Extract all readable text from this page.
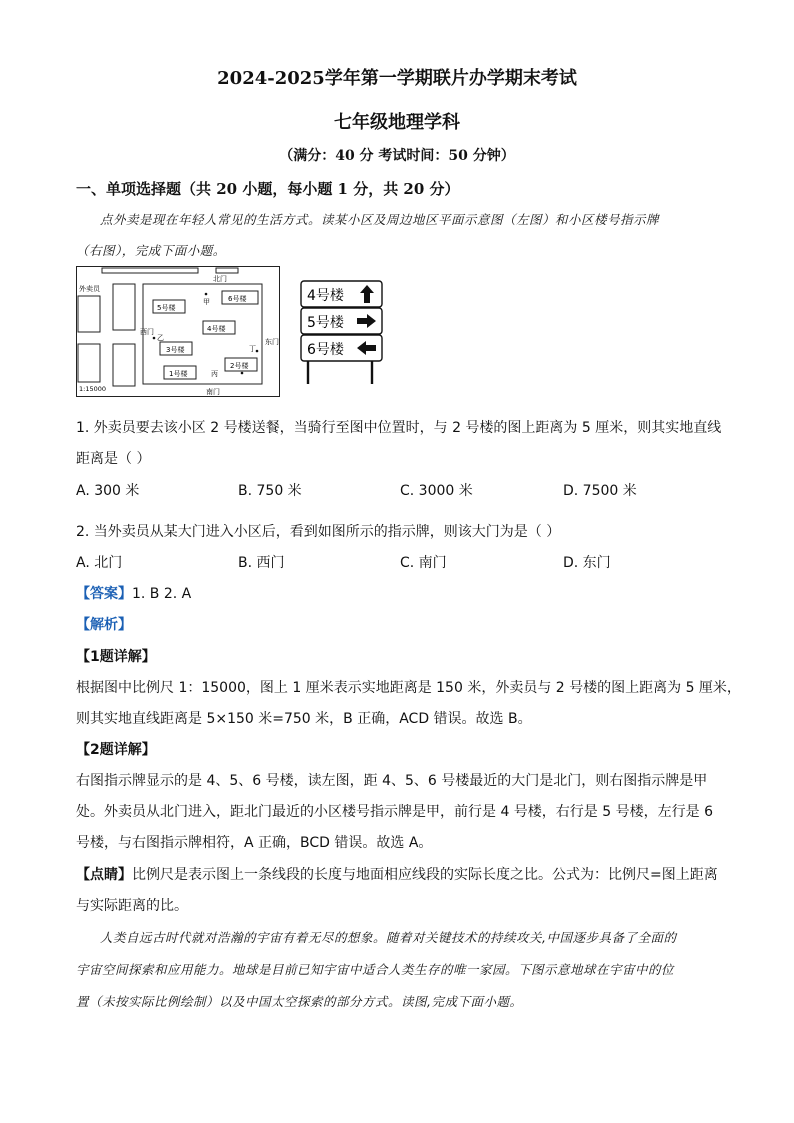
2024-2025学年第一学期联片办学期末考试
七年级地理学科
（满分：40 分 考试时间：50 分钟）
一、单项选择题（共 20 小题，每小题 1 分，共 20 分）
点外卖是现在年轻人常见的生活方式。读某小区及周边地区平面示意图（左图）和小区楼号指示牌
（右图），完成下面小题。
北门
南门
西门
东门
外卖员
1:15000
甲
乙
丙
丁
5号楼
6号楼
4号楼
3号楼
2号楼
1号楼
4号楼
5号楼
6号楼
1. 外卖员要去该小区 2 号楼送餐，当骑行至图中位置时，与 2 号楼的图上距离为 5 厘米，则其实地直线
距离是（ ）
A. 300 米	B. 750 米	C. 3000 米	D. 7500 米
2. 当外卖员从某大门进入小区后，看到如图所示的指示牌，则该大门为是（ ）
A. 北门	B. 西门	C. 南门	D. 东门
【答案】1. B 2. A
【解析】
【1题详解】
根据图中比例尺 1：15000，图上 1 厘米表示实地距离是 150 米，外卖员与 2 号楼的图上距离为 5 厘米，
则其实地直线距离是 5×150 米=750 米，B 正确，ACD 错误。故选 B。
【2题详解】
右图指示牌显示的是 4、5、6 号楼，读左图，距 4、5、6 号楼最近的大门是北门，则右图指示牌是甲
处。外卖员从北门进入，距北门最近的小区楼号指示牌是甲，前行是 4 号楼，右行是 5 号楼，左行是 6
号楼，与右图指示牌相符，A 正确，BCD 错误。故选 A。
【点睛】比例尺是表示图上一条线段的长度与地面相应线段的实际长度之比。公式为：比例尺=图上距离
与实际距离的比。
人类自远古时代就对浩瀚的宇宙有着无尽的想象。随着对关键技术的持续攻关,中国逐步具备了全面的
宇宙空间探索和应用能力。地球是目前已知宇宙中适合人类生存的唯一家园。下图示意地球在宇宙中的位
置（未按实际比例绘制）以及中国太空探索的部分方式。读图,完成下面小题。
